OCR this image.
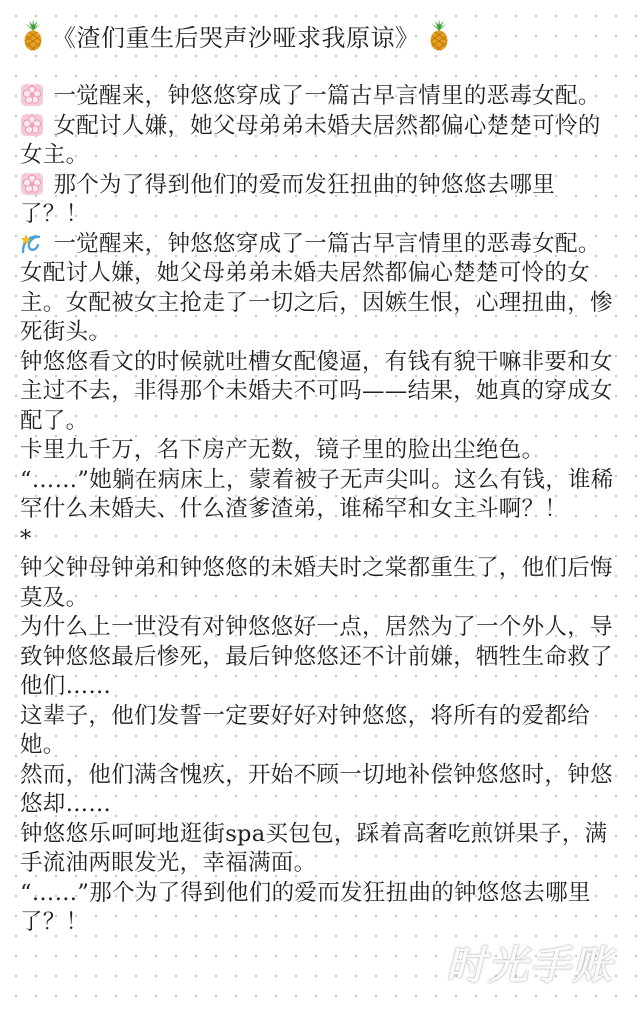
《渣们重生后哭声沙哑求我原谅》

一觉醒来，钟悠悠穿成了一篇古早言情里的恶毒女配。

女配讨人嫌，她父母弟弟未婚夫居然都偏心楚楚可怜的女主。

那个为了得到他们的爱而发狂扭曲的钟悠悠去哪里了？！

一觉醒来，钟悠悠穿成了一篇古早言情里的恶毒女配。

女配讨人嫌，她父母弟弟未婚夫居然都偏心楚楚可怜的女主。女配被女主抢走了一切之后，因嫉生恨，心理扭曲，惨死街头。

钟悠悠看文的时候就吐槽女配傻逼，有钱有貌干嘛非要和女主过不去，非得那个未婚夫不可吗——结果，她真的穿成女配了。

卡里九千万，名下房产无数，镜子里的脸出尘绝色。

“……”她躺在病床上，蒙着被子无声尖叫。这么有钱，谁稀罕什么未婚夫、什么渣爹渣弟，谁稀罕和女主斗啊？！

*

钟父钟母钟弟和钟悠悠的未婚夫时之棠都重生了，他们后悔莫及。

为什么上一世没有对钟悠悠好一点，居然为了一个外人，导致钟悠悠最后惨死，最后钟悠悠还不计前嫌，牺牲生命救了他们……

这辈子，他们发誓一定要好好对钟悠悠，将所有的爱都给她。

然而，他们满含愧疚，开始不顾一切地补偿钟悠悠时，钟悠悠却……

钟悠悠乐呵呵地逛街spa买包包，踩着高奢吃煎饼果子，满手流油两眼发光，幸福满面。

“……”那个为了得到他们的爱而发狂扭曲的钟悠悠去哪里了？！

时光手账
